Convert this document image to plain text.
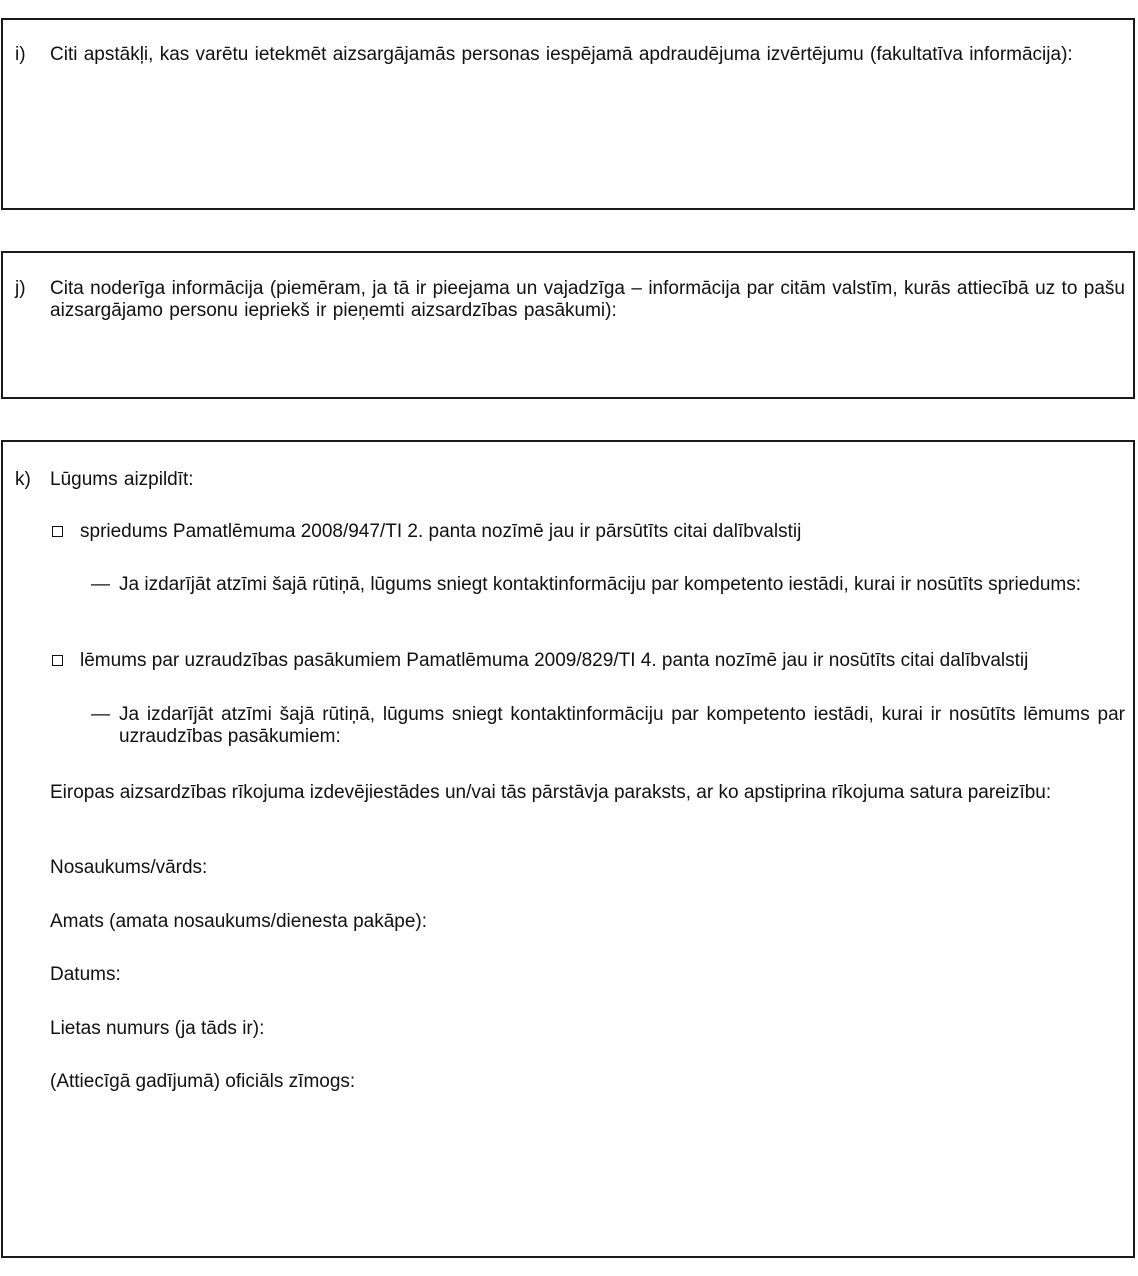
i)	Citi apstākļi, kas varētu ietekmēt aizsargājamās personas iespējamā apdraudējuma izvērtējumu (fakultatīva informācija):
j)	Cita noderīga informācija (piemēram, ja tā ir pieejama un vajadzīga – informācija par citām valstīm, kurās attiecībā uz to pašu aizsargājamo personu iepriekš ir pieņemti aizsardzības pasākumi):
k)	Lūgums aizpildīt:
spriedums Pamatlēmuma 2008/947/TI 2. panta nozīmē jau ir pārsūtīts citai dalībvalstij
— Ja izdarījāt atzīmi šajā rūtiņā, lūgums sniegt kontaktinformāciju par kompetento iestādi, kurai ir nosūtīts spriedums:
lēmums par uzraudzības pasākumiem Pamatlēmuma 2009/829/TI 4. panta nozīmē jau ir nosūtīts citai dalībvalstij
— Ja izdarījāt atzīmi šajā rūtiņā, lūgums sniegt kontaktinformāciju par kompetento iestādi, kurai ir nosūtīts lēmums par uzraudzības pasākumiem:
Eiropas aizsardzības rīkojuma izdevējiestādes un/vai tās pārstāvja paraksts, ar ko apstiprina rīkojuma satura pareizību:
Nosaukums/vārds:
Amats (amata nosaukums/dienesta pakāpe):
Datums:
Lietas numurs (ja tāds ir):
(Attiecīgā gadījumā) oficiāls zīmogs:
